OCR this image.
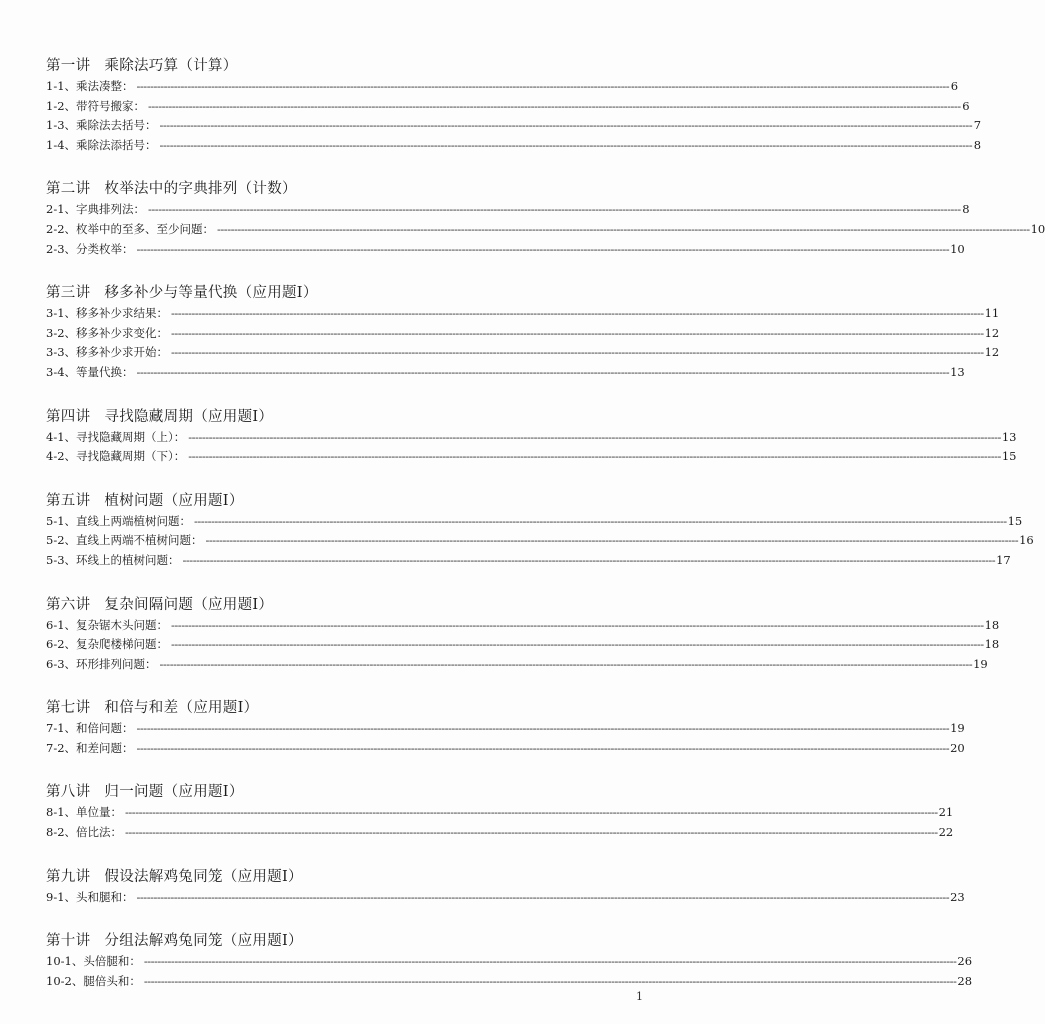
第一讲 乘除法巧算（计算）
1-1、 乘法凑整： ------------------------------------------------------------------------------------------------------------------------------------------------------------------------------------------------------------------------------------------------ 6
1-2、 带符号搬家： ------------------------------------------------------------------------------------------------------------------------------------------------------------------------------------------------------------------------------------------------ 6
1-3、 乘除法去括号： ------------------------------------------------------------------------------------------------------------------------------------------------------------------------------------------------------------------------------------------------ 7
1-4、 乘除法添括号： ------------------------------------------------------------------------------------------------------------------------------------------------------------------------------------------------------------------------------------------------ 8
第二讲 枚举法中的字典排列（计数）
2-1、 字典排列法： ------------------------------------------------------------------------------------------------------------------------------------------------------------------------------------------------------------------------------------------------ 8
2-2、 枚举中的至多、至少问题： ------------------------------------------------------------------------------------------------------------------------------------------------------------------------------------------------------------------------------------------------ 10
2-3、 分类枚举： ------------------------------------------------------------------------------------------------------------------------------------------------------------------------------------------------------------------------------------------------ 10
第三讲 移多补少与等量代换（应用题Ⅰ）
3-1、 移多补少求结果： ------------------------------------------------------------------------------------------------------------------------------------------------------------------------------------------------------------------------------------------------ 11
3-2、 移多补少求变化： ------------------------------------------------------------------------------------------------------------------------------------------------------------------------------------------------------------------------------------------------ 12
3-3、 移多补少求开始： ------------------------------------------------------------------------------------------------------------------------------------------------------------------------------------------------------------------------------------------------ 12
3-4、 等量代换： ------------------------------------------------------------------------------------------------------------------------------------------------------------------------------------------------------------------------------------------------ 13
第四讲 寻找隐藏周期（应用题Ⅰ）
4-1、 寻找隐藏周期（上）： ------------------------------------------------------------------------------------------------------------------------------------------------------------------------------------------------------------------------------------------------ 13
4-2、 寻找隐藏周期（下）： ------------------------------------------------------------------------------------------------------------------------------------------------------------------------------------------------------------------------------------------------ 15
第五讲 植树问题（应用题Ⅰ）
5-1、 直线上两端植树问题： ------------------------------------------------------------------------------------------------------------------------------------------------------------------------------------------------------------------------------------------------ 15
5-2、 直线上两端不植树问题： ------------------------------------------------------------------------------------------------------------------------------------------------------------------------------------------------------------------------------------------------ 16
5-3、 环线上的植树问题： ------------------------------------------------------------------------------------------------------------------------------------------------------------------------------------------------------------------------------------------------ 17
第六讲 复杂间隔问题（应用题Ⅰ）
6-1、 复杂锯木头问题： ------------------------------------------------------------------------------------------------------------------------------------------------------------------------------------------------------------------------------------------------ 18
6-2、 复杂爬楼梯问题： ------------------------------------------------------------------------------------------------------------------------------------------------------------------------------------------------------------------------------------------------ 18
6-3、 环形排列问题： ------------------------------------------------------------------------------------------------------------------------------------------------------------------------------------------------------------------------------------------------ 19
第七讲 和倍与和差（应用题Ⅰ）
7-1、 和倍问题： ------------------------------------------------------------------------------------------------------------------------------------------------------------------------------------------------------------------------------------------------ 19
7-2、 和差问题： ------------------------------------------------------------------------------------------------------------------------------------------------------------------------------------------------------------------------------------------------ 20
第八讲 归一问题（应用题Ⅰ）
8-1、 单位量： ------------------------------------------------------------------------------------------------------------------------------------------------------------------------------------------------------------------------------------------------ 21
8-2、 倍比法： ------------------------------------------------------------------------------------------------------------------------------------------------------------------------------------------------------------------------------------------------ 22
第九讲 假设法解鸡兔同笼（应用题Ⅰ）
9-1、 头和腿和： ------------------------------------------------------------------------------------------------------------------------------------------------------------------------------------------------------------------------------------------------ 23
第十讲 分组法解鸡兔同笼（应用题Ⅰ）
10-1、 头倍腿和： ------------------------------------------------------------------------------------------------------------------------------------------------------------------------------------------------------------------------------------------------ 26
10-2、 腿倍头和： ------------------------------------------------------------------------------------------------------------------------------------------------------------------------------------------------------------------------------------------------ 28
1
